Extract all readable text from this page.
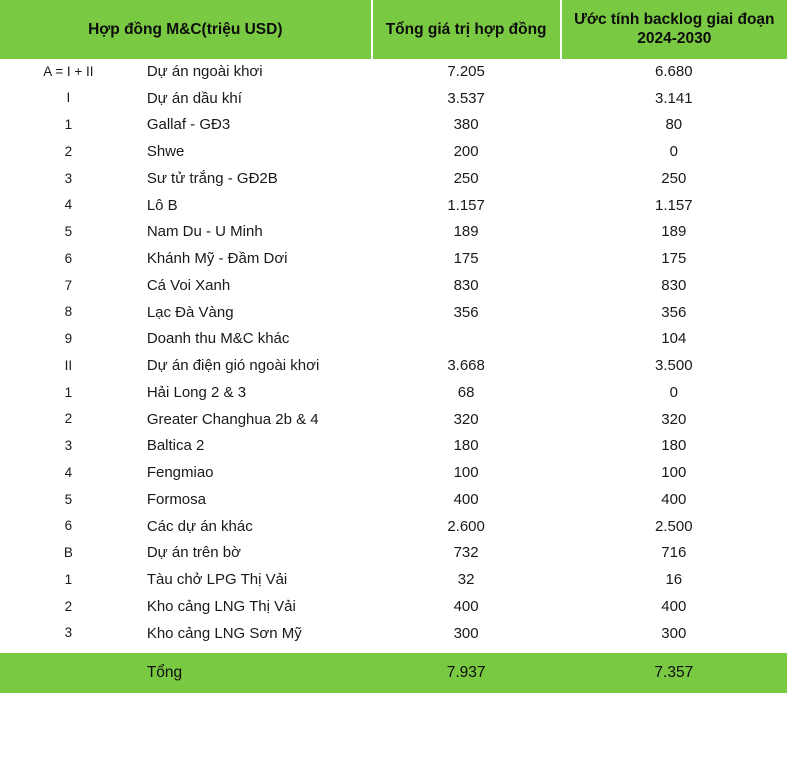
Hợp đồng M&C(triệu USD)		Tổng giá trị hợp đồng	Ước tính backlog giai đoạn 2024-2030
A = I + II	Dự án ngoài khơi	7.205	6.680
I	Dự án dầu khí	3.537	3.141
1	Gallaf - GĐ3	380	80
2	Shwe	200	0
3	Sư tử trắng - GĐ2B	250	250
4	Lô B	1.157	1.157
5	Nam Du - U Minh	189	189
6	Khánh Mỹ - Đầm Dơi	175	175
7	Cá Voi Xanh	830	830
8	Lạc Đà Vàng	356	356
9	Doanh thu M&C khác		104
II	Dự án điện gió ngoài khơi	3.668	3.500
1	Hải Long 2 & 3	68	0
2	Greater Changhua 2b & 4	320	320
3	Baltica 2	180	180
4	Fengmiao	100	100
5	Formosa	400	400
6	Các dự án khác	2.600	2.500
B	Dự án trên bờ	732	716
1	Tàu chở LPG Thị Vải	32	16
2	Kho cảng LNG Thị Vải	400	400
3	Kho cảng LNG Sơn Mỹ	300	300

	Tổng	7.937	7.357
